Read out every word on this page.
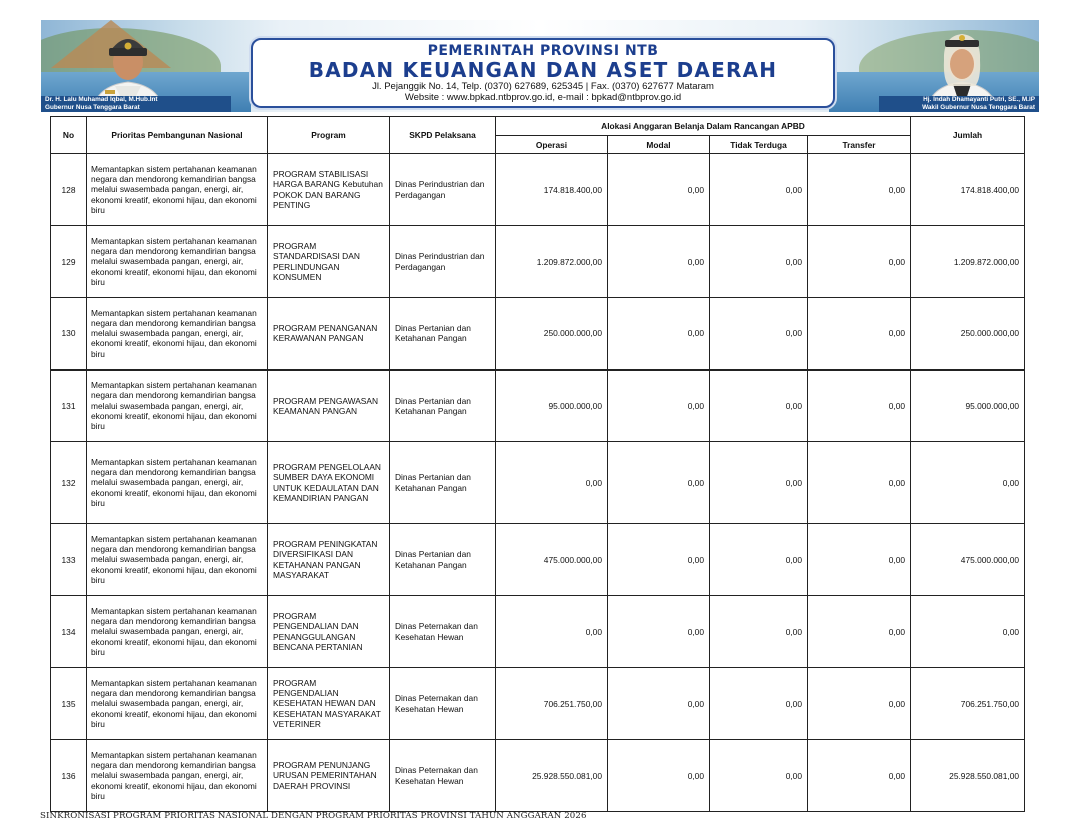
Dr. H. Lalu Muhamad Iqbal, M.Hub.Int
Gubernur Nusa Tenggara Barat
Hj. Indah Dhamayanti Putri, SE., M.IP
Wakil Gubernur Nusa Tenggara Barat
PEMERINTAH PROVINSI NTB
BADAN KEUANGAN DAN ASET DAERAH
Jl. Pejanggik No. 14, Telp. (0370) 627689, 625345 | Fax. (0370) 627677 Mataram
Website : www.bpkad.ntbprov.go.id, e-mail : bpkad@ntbprov.go.id
No	Prioritas Pembangunan Nasional	Program	SKPD Pelaksana	Alokasi Anggaran Belanja Dalam Rancangan APBD				Jumlah
				Operasi	Modal	Tidak Terduga	Transfer	
128	Memantapkan sistem pertahanan keamanan negara dan mendorong kemandirian bangsa melalui swasembada pangan, energi, air, ekonomi kreatif, ekonomi hijau, dan ekonomi biru	PROGRAM STABILISASI HARGA BARANG Kebutuhan POKOK DAN BARANG PENTING	Dinas Perindustrian dan Perdagangan	174.818.400,00	0,00	0,00	0,00	174.818.400,00
129	Memantapkan sistem pertahanan keamanan negara dan mendorong kemandirian bangsa melalui swasembada pangan, energi, air, ekonomi kreatif, ekonomi hijau, dan ekonomi biru	PROGRAM STANDARDISASI DAN PERLINDUNGAN KONSUMEN	Dinas Perindustrian dan Perdagangan	1.209.872.000,00	0,00	0,00	0,00	1.209.872.000,00
130	Memantapkan sistem pertahanan keamanan negara dan mendorong kemandirian bangsa melalui swasembada pangan, energi, air, ekonomi kreatif, ekonomi hijau, dan ekonomi biru	PROGRAM PENANGANAN KERAWANAN PANGAN	Dinas Pertanian dan Ketahanan Pangan	250.000.000,00	0,00	0,00	0,00	250.000.000,00
131	Memantapkan sistem pertahanan keamanan negara dan mendorong kemandirian bangsa melalui swasembada pangan, energi, air, ekonomi kreatif, ekonomi hijau, dan ekonomi biru	PROGRAM PENGAWASAN KEAMANAN PANGAN	Dinas Pertanian dan Ketahanan Pangan	95.000.000,00	0,00	0,00	0,00	95.000.000,00
132	Memantapkan sistem pertahanan keamanan negara dan mendorong kemandirian bangsa melalui swasembada pangan, energi, air, ekonomi kreatif, ekonomi hijau, dan ekonomi biru	PROGRAM PENGELOLAAN SUMBER DAYA EKONOMI UNTUK KEDAULATAN DAN KEMANDIRIAN PANGAN	Dinas Pertanian dan Ketahanan Pangan	0,00	0,00	0,00	0,00	0,00
133	Memantapkan sistem pertahanan keamanan negara dan mendorong kemandirian bangsa melalui swasembada pangan, energi, air, ekonomi kreatif, ekonomi hijau, dan ekonomi biru	PROGRAM PENINGKATAN DIVERSIFIKASI DAN KETAHANAN PANGAN MASYARAKAT	Dinas Pertanian dan Ketahanan Pangan	475.000.000,00	0,00	0,00	0,00	475.000.000,00
134	Memantapkan sistem pertahanan keamanan negara dan mendorong kemandirian bangsa melalui swasembada pangan, energi, air, ekonomi kreatif, ekonomi hijau, dan ekonomi biru	PROGRAM PENGENDALIAN DAN PENANGGULANGAN BENCANA PERTANIAN	Dinas Peternakan dan Kesehatan Hewan	0,00	0,00	0,00	0,00	0,00
135	Memantapkan sistem pertahanan keamanan negara dan mendorong kemandirian bangsa melalui swasembada pangan, energi, air, ekonomi kreatif, ekonomi hijau, dan ekonomi biru	PROGRAM PENGENDALIAN KESEHATAN HEWAN DAN KESEHATAN MASYARAKAT VETERINER	Dinas Peternakan dan Kesehatan Hewan	706.251.750,00	0,00	0,00	0,00	706.251.750,00
136	Memantapkan sistem pertahanan keamanan negara dan mendorong kemandirian bangsa melalui swasembada pangan, energi, air, ekonomi kreatif, ekonomi hijau, dan ekonomi biru	PROGRAM PENUNJANG URUSAN PEMERINTAHAN DAERAH PROVINSI	Dinas Peternakan dan Kesehatan Hewan	25.928.550.081,00	0,00	0,00	0,00	25.928.550.081,00
SINKRONISASI PROGRAM PRIORITAS NASIONAL DENGAN PROGRAM PRIORITAS PROVINSI TAHUN ANGGARAN 2026
